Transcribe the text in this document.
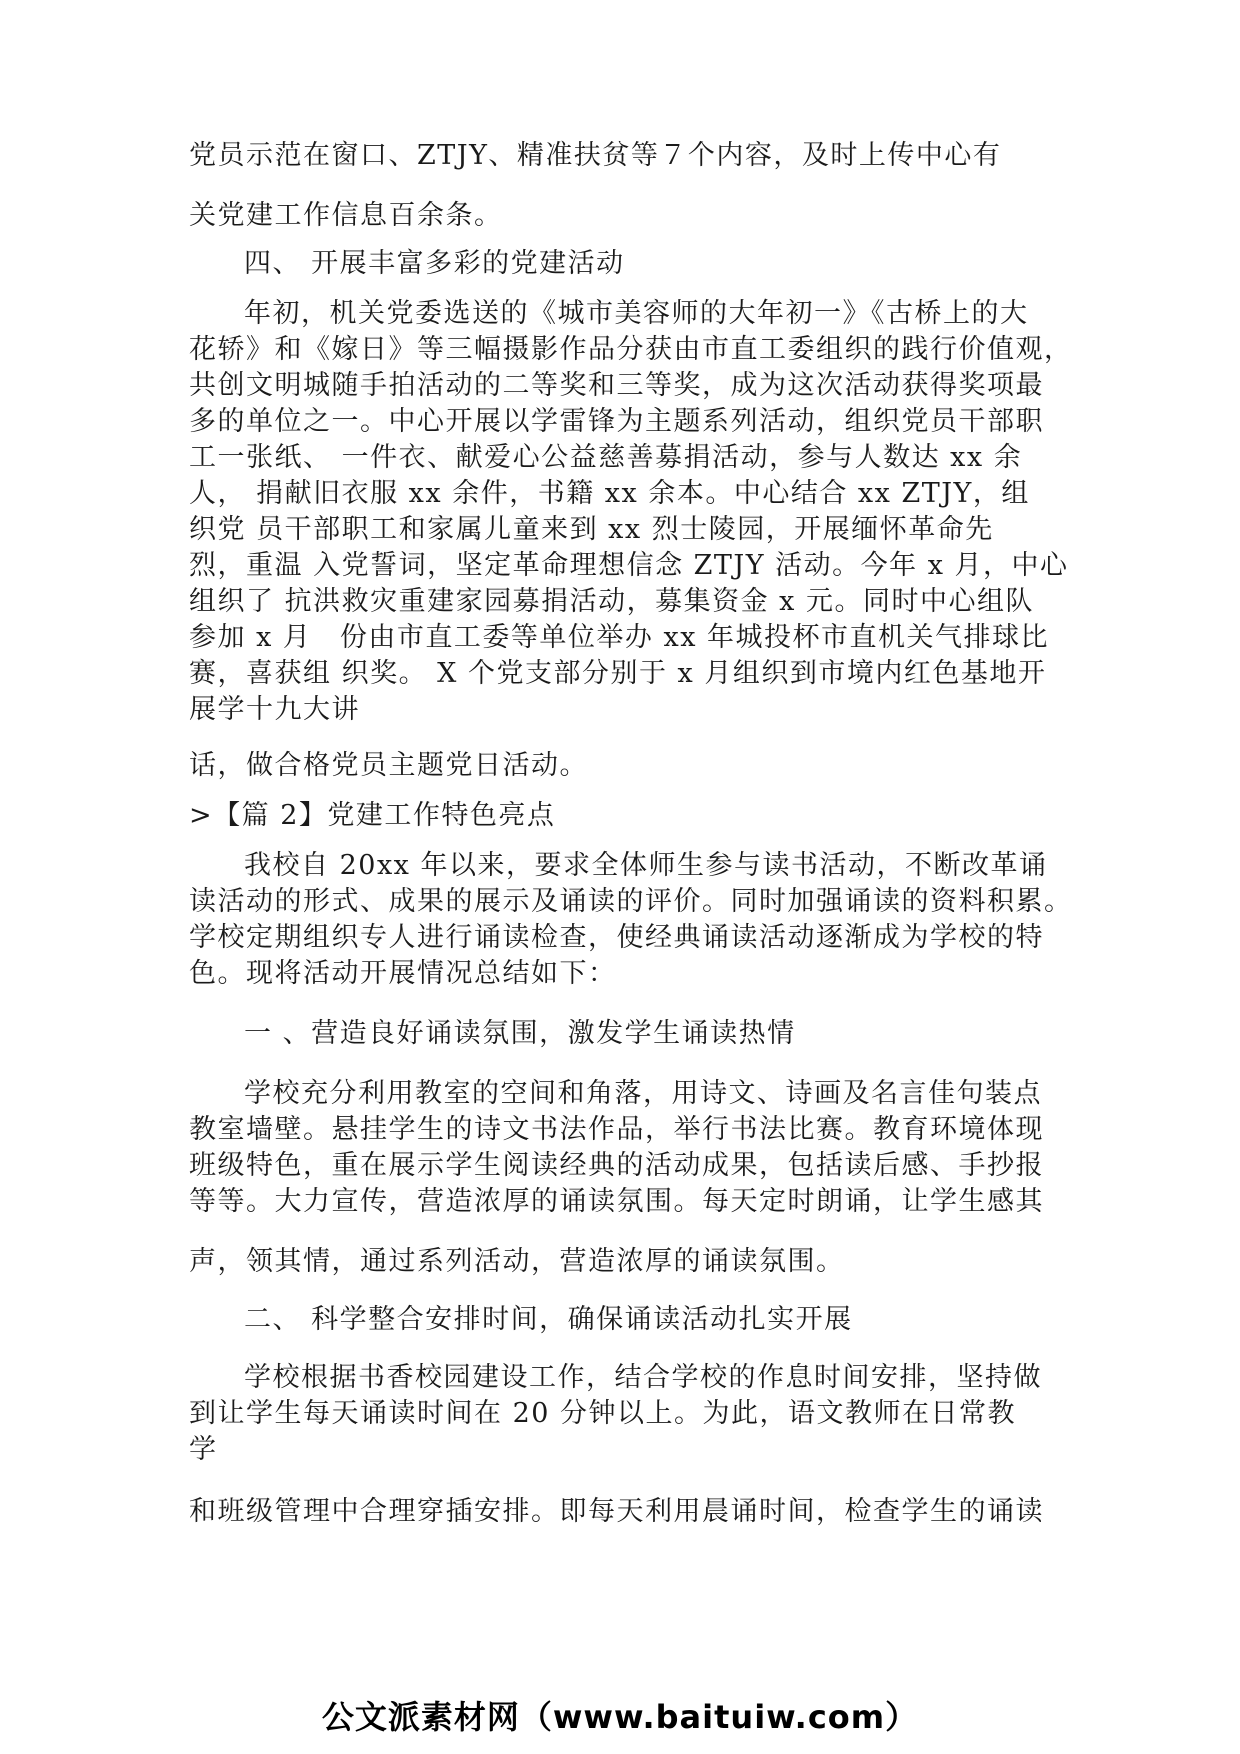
党员示范在窗口、ZTJY、精准扶贫等７个内容，及时上传中心有
关党建工作信息百余条。
四、 开展丰富多彩的党建活动
年初，机关党委选送的《城市美容师的大年初一》《古桥上的大
花轿》和《嫁日》等三幅摄影作品分获由市直工委组织的践行价值观，
共创文明城随手拍活动的二等奖和三等奖，成为这次活动获得奖项最
多的单位之一。中心开展以学雷锋为主题系列活动，组织党员干部职
工一张纸、 一件衣、献爱心公益慈善募捐活动，参与人数达 xx 余
人， 捐献旧衣服 xx 余件，书籍 xx 余本。中心结合 xx ZTJY，组
织党 员干部职工和家属儿童来到 xx 烈士陵园，开展缅怀革命先
烈，重温 入党誓词，坚定革命理想信念 ZTJY 活动。今年 x 月，中心
组织了 抗洪救灾重建家园募捐活动，募集资金 x 元。同时中心组队
参加 x 月　份由市直工委等单位举办 xx 年城投杯市直机关气排球比
赛，喜获组 织奖。 X 个党支部分别于 x 月组织到市境内红色基地开
展学十九大讲
话，做合格党员主题党日活动。
>【篇 2】党建工作特色亮点
我校自 20xx 年以来，要求全体师生参与读书活动，不断改革诵
读活动的形式、成果的展示及诵读的评价。同时加强诵读的资料积累。
学校定期组织专人进行诵读检查，使经典诵读活动逐渐成为学校的特
色。现将活动开展情况总结如下：
一 、营造良好诵读氛围，激发学生诵读热情
学校充分利用教室的空间和角落，用诗文、诗画及名言佳句装点
教室墙壁。悬挂学生的诗文书法作品，举行书法比赛。教育环境体现
班级特色，重在展示学生阅读经典的活动成果，包括读后感、手抄报
等等。大力宣传，营造浓厚的诵读氛围。每天定时朗诵，让学生感其
声，领其情，通过系列活动，营造浓厚的诵读氛围。
二、 科学整合安排时间，确保诵读活动扎实开展
学校根据书香校园建设工作，结合学校的作息时间安排，坚持做
到让学生每天诵读时间在 20 分钟以上。为此，语文教师在日常教
学
和班级管理中合理穿插安排。即每天利用晨诵时间，检查学生的诵读
公文派素材网（www.baituiw.com）
